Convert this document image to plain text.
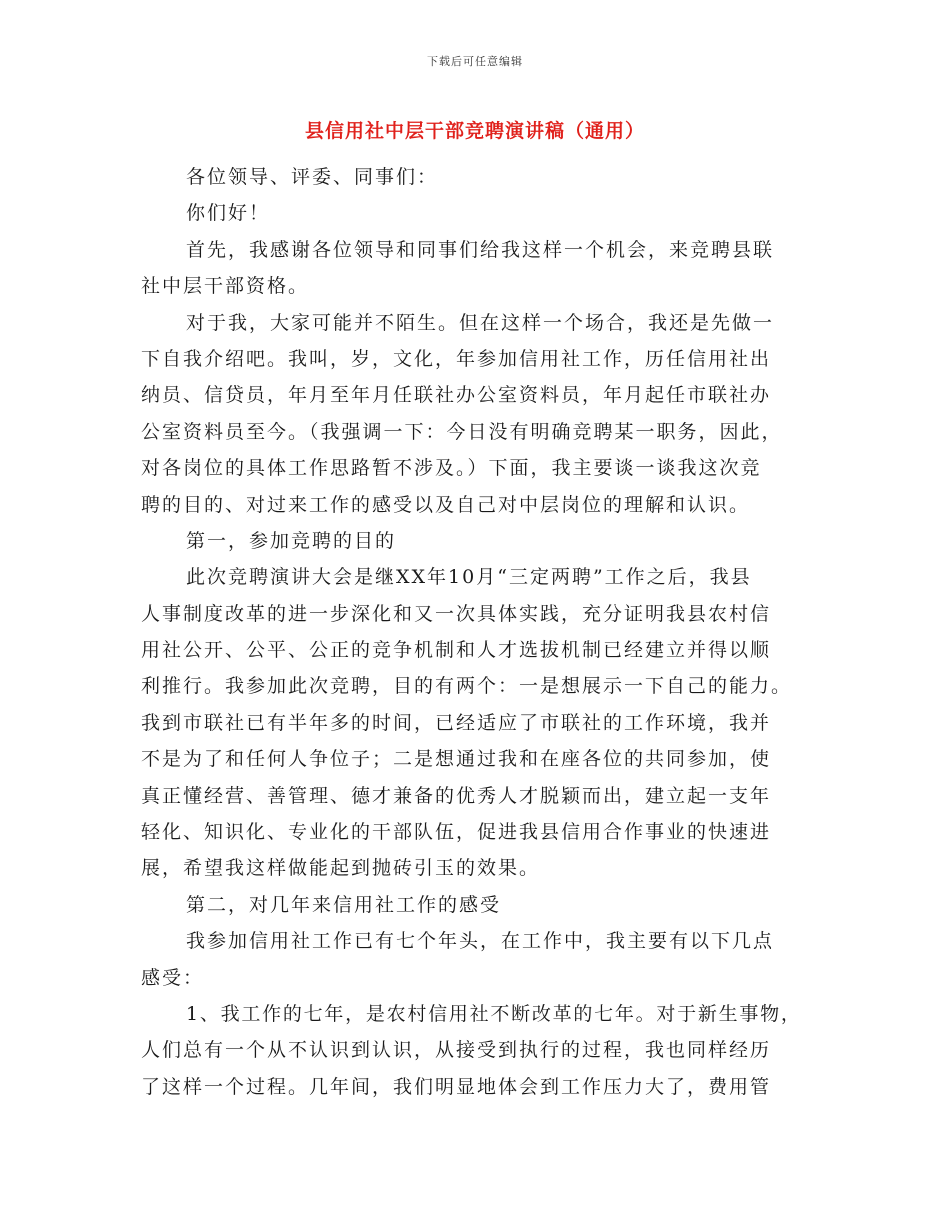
下载后可任意编辑
县信用社中层干部竞聘演讲稿（通用）
各位领导、评委、同事们：
你们好！
首先，我感谢各位领导和同事们给我这样一个机会，来竞聘县联
社中层干部资格。
对于我，大家可能并不陌生。但在这样一个场合，我还是先做一
下自我介绍吧。我叫，岁，文化，年参加信用社工作，历任信用社出
纳员、信贷员，年月至年月任联社办公室资料员，年月起任市联社办
公室资料员至今。（我强调一下：今日没有明确竞聘某一职务，因此，
对各岗位的具体工作思路暂不涉及。）下面，我主要谈一谈我这次竞
聘的目的、对过来工作的感受以及自己对中层岗位的理解和认识。
第一，参加竞聘的目的
此次竞聘演讲大会是继XX年10月“三定两聘”工作之后，我县
人事制度改革的进一步深化和又一次具体实践，充分证明我县农村信
用社公开、公平、公正的竞争机制和人才选拔机制已经建立并得以顺
利推行。我参加此次竞聘，目的有两个：一是想展示一下自己的能力。
我到市联社已有半年多的时间，已经适应了市联社的工作环境，我并
不是为了和任何人争位子；二是想通过我和在座各位的共同参加，使
真正懂经营、善管理、德才兼备的优秀人才脱颖而出，建立起一支年
轻化、知识化、专业化的干部队伍，促进我县信用合作事业的快速进
展，希望我这样做能起到抛砖引玉的效果。
第二，对几年来信用社工作的感受
我参加信用社工作已有七个年头，在工作中，我主要有以下几点
感受：
1、我工作的七年，是农村信用社不断改革的七年。对于新生事物，
人们总有一个从不认识到认识，从接受到执行的过程，我也同样经历
了这样一个过程。几年间，我们明显地体会到工作压力大了，费用管
